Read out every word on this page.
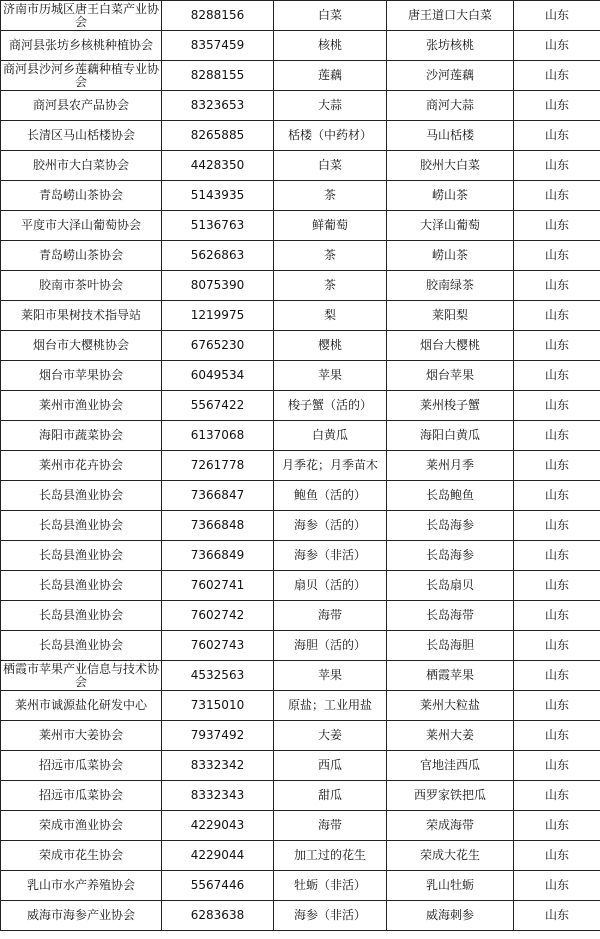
济南市历城区唐王白菜产业协会	8288156	白菜	唐王道口大白菜	山东
商河县张坊乡核桃种植协会	8357459	核桃	张坊核桃	山东
商河县沙河乡莲藕种植专业协会	8288155	莲藕	沙河莲藕	山东
商河县农产品协会	8323653	大蒜	商河大蒜	山东
长清区马山栝楼协会	8265885	栝楼（中药材）	马山栝楼	山东
胶州市大白菜协会	4428350	白菜	胶州大白菜	山东
青岛崂山茶协会	5143935	茶	崂山茶	山东
平度市大泽山葡萄协会	5136763	鲜葡萄	大泽山葡萄	山东
青岛崂山茶协会	5626863	茶	崂山茶	山东
胶南市茶叶协会	8075390	茶	胶南绿茶	山东
莱阳市果树技术指导站	1219975	梨	莱阳梨	山东
烟台市大樱桃协会	6765230	樱桃	烟台大樱桃	山东
烟台市苹果协会	6049534	苹果	烟台苹果	山东
莱州市渔业协会	5567422	梭子蟹（活的）	莱州梭子蟹	山东
海阳市蔬菜协会	6137068	白黄瓜	海阳白黄瓜	山东
莱州市花卉协会	7261778	月季花；月季苗木	莱州月季	山东
长岛县渔业协会	7366847	鲍鱼（活的）	长岛鲍鱼	山东
长岛县渔业协会	7366848	海参（活的）	长岛海参	山东
长岛县渔业协会	7366849	海参（非活）	长岛海参	山东
长岛县渔业协会	7602741	扇贝（活的）	长岛扇贝	山东
长岛县渔业协会	7602742	海带	长岛海带	山东
长岛县渔业协会	7602743	海胆（活的）	长岛海胆	山东
栖霞市苹果产业信息与技术协会	4532563	苹果	栖霞苹果	山东
莱州市诚源盐化研发中心	7315010	原盐；工业用盐	莱州大粒盐	山东
莱州市大姜协会	7937492	大姜	莱州大姜	山东
招远市瓜菜协会	8332342	西瓜	官地洼西瓜	山东
招远市瓜菜协会	8332343	甜瓜	西罗家铁把瓜	山东
荣成市渔业协会	4229043	海带	荣成海带	山东
荣成市花生协会	4229044	加工过的花生	荣成大花生	山东
乳山市水产养殖协会	5567446	牡蛎（非活）	乳山牡蛎	山东
威海市海参产业协会	6283638	海参（非活）	威海刺参	山东
